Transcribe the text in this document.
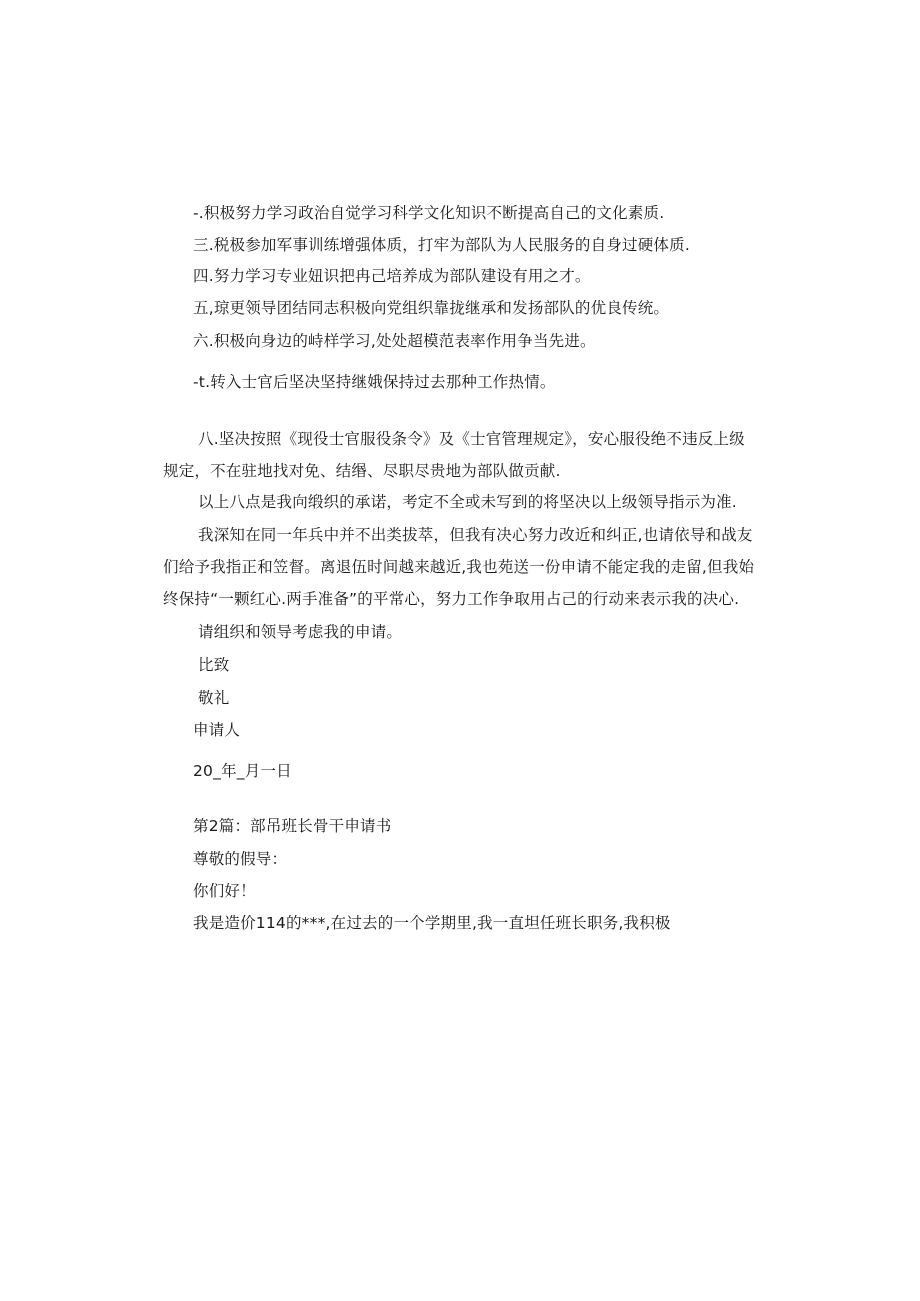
-.积极努力学习政治自觉学习科学文化知识不断提高自己的文化素质.
三.税极参加军事训练增强体质，打牢为部队为人民服务的自身过硬体质.
四.努力学习专业妞识把冉己培养成为部队建设有用之才。
五,琼更领导团结同志积极向党组织靠拢继承和发扬部队的优良传统。
六.积极向身边的峙样学习,处处超模范表率作用争当先进。
-t.转入士官后坚决坚持继娥保持过去那种工作热情。
八.坚决按照《现役士官服役条令》及《士官管理规定》，安心服役绝不违反上级
规定，不在驻地找对免、结缗、尽职尽贵地为部队做贡献.
以上八点是我向缎织的承诺，考定不全或未写到的将坚决以上级领导指示为准.
我深知在同一年兵中并不出类拔萃，但我有决心努力改近和纠正,也请依导和战友
们给予我指正和笠督。离退伍时间越来越近,我也苑送一份申请不能定我的走留,但我始
终保持“一颗红心.两手准备”的平常心，努力工作争取用占己的行动来表示我的决心.
请组织和领导考虑我的申请。
比致
敬礼
申请人
20_年_月一日
第2篇：部吊班长骨干申请书
尊敬的假导：
你们好！
我是造价114的***,在过去的一个学期里,我一直坦任班长职务,我积极
